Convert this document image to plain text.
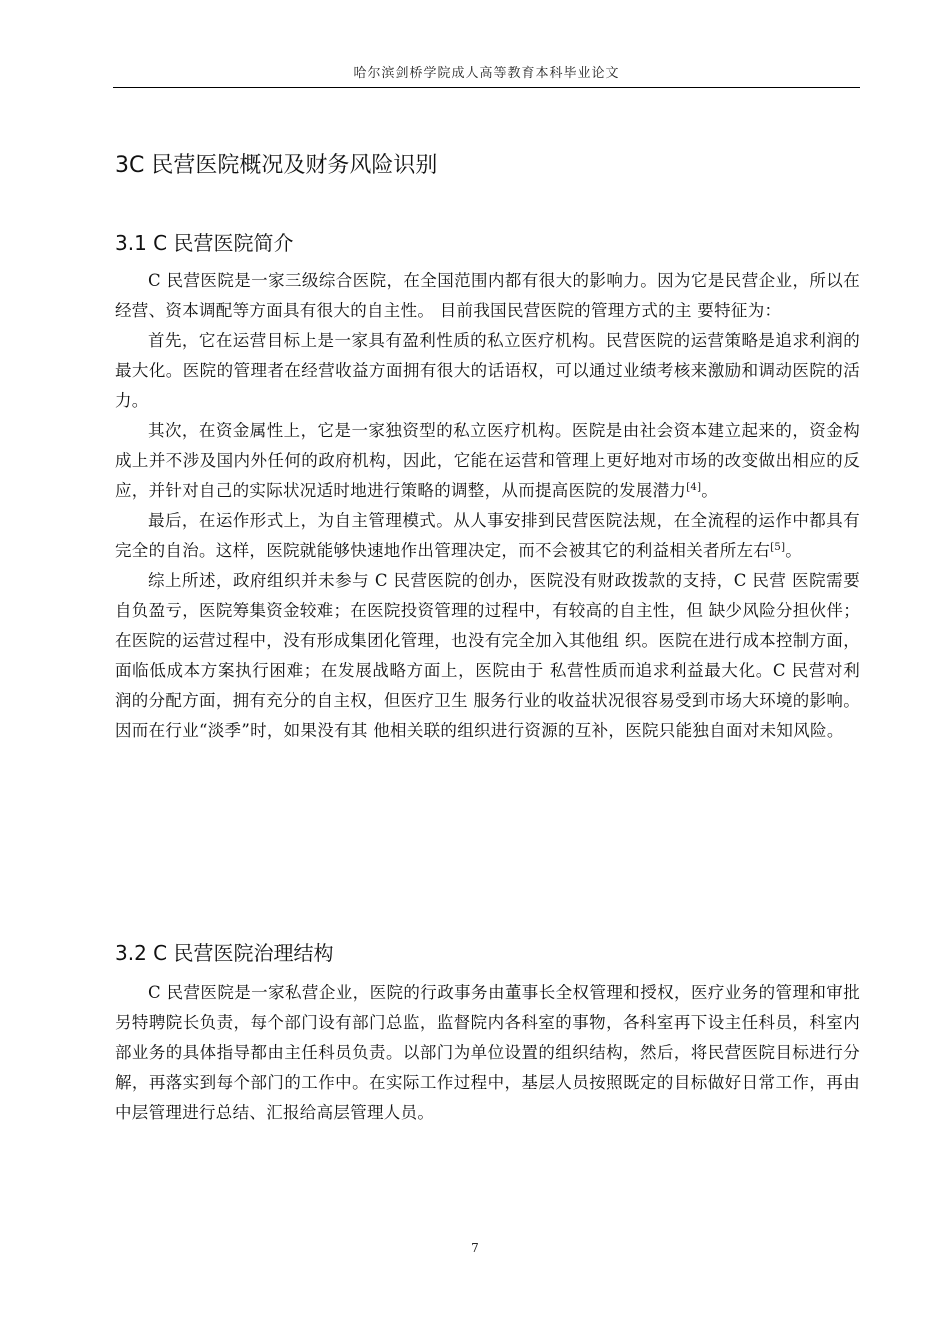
哈尔滨剑桥学院成人高等教育本科毕业论文
3C 民营医院概况及财务风险识别
3.1 C 民营医院简介

C 民营医院是一家三级综合医院，在全国范围内都有很大的影响力。因为它是民营企业，所以在经营、资本调配等方面具有很大的自主性。 目前我国民营医院的管理方式的主 要特征为：

首先，它在运营目标上是一家具有盈利性质的私立医疗机构。民营医院的运营策略是追求利润的最大化。医院的管理者在经营收益方面拥有很大的话语权，可以通过业绩考核来激励和调动医院的活力。

其次，在资金属性上，它是一家独资型的私立医疗机构。医院是由社会资本建立起来的，资金构成上并不涉及国内外任何的政府机构，因此，它能在运营和管理上更好地对市场的改变做出相应的反应，并针对自己的实际状况适时地进行策略的调整，从而提高医院的发展潜力[4]。

最后，在运作形式上，为自主管理模式。从人事安排到民营医院法规，在全流程的运作中都具有完全的自治。这样，医院就能够快速地作出管理决定，而不会被其它的利益相关者所左右[5]。

综上所述，政府组织并未参与 C 民营医院的创办，医院没有财政拨款的支持，C 民营 医院需要自负盈亏，医院筹集资金较难；在医院投资管理的过程中，有较高的自主性，但 缺少风险分担伙伴；在医院的运营过程中，没有形成集团化管理，也没有完全加入其他组 织。医院在进行成本控制方面，面临低成本方案执行困难；在发展战略方面上，医院由于 私营性质而追求利益最大化。C 民营对利润的分配方面，拥有充分的自主权，但医疗卫生 服务行业的收益状况很容易受到市场大环境的影响。因而在行业“淡季”时，如果没有其 他相关联的组织进行资源的互补，医院只能独自面对未知风险。

3.2 C 民营医院治理结构

C 民营医院是一家私营企业，医院的行政事务由董事长全权管理和授权，医疗业务的管理和审批另特聘院长负责，每个部门设有部门总监，监督院内各科室的事物，各科室再下设主任科员，科室内部业务的具体指导都由主任科员负责。以部门为单位设置的组织结构，然后，将民营医院目标进行分解，再落实到每个部门的工作中。在实际工作过程中，基层人员按照既定的目标做好日常工作，再由中层管理进行总结、汇报给高层管理人员。

7
